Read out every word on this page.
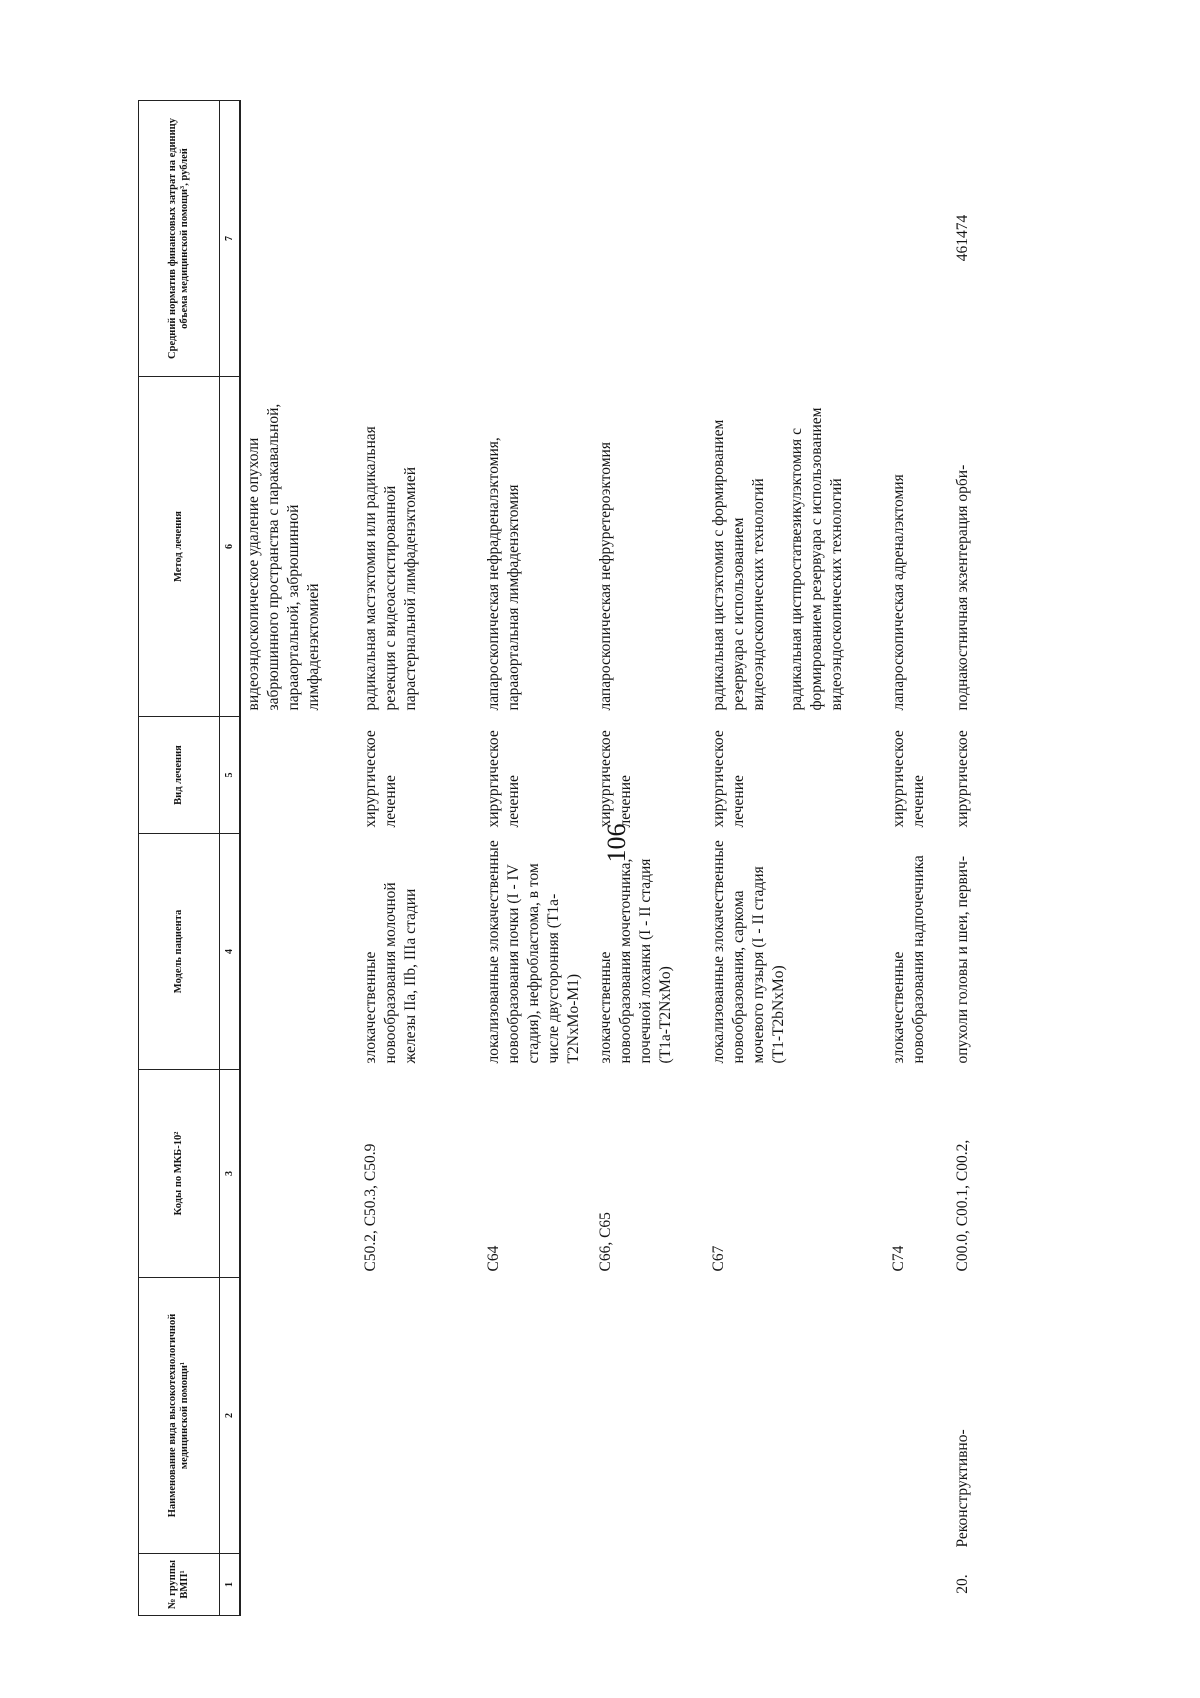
106
№ группы ВМП¹	Наименование вида высокотехнологичной медицинской помощи¹	Коды по МКБ-10²	Модель пациента	Вид лечения	Метод лечения	Средний норматив финансовых затрат на единицу объема медицинской помощи³, рублей
1	2	3	4	5	6	7
					видеоэндоскопическое удаление опухоли забрюшинного пространства с паракавальной, парааортальной, забрюшинной лимфаденэктомией	
		C50.2, C50.3, C50.9	злокачественные новообразования молочной железы IIa, IIb, IIIa стадии	хирургическое лечение	радикальная мастэктомия или радикальная резекция с видеоассистированной парастернальной лимфаденэктомией	
		C64	локализованные злокачественные новообразования почки (I - IV стадия), нефробластома, в том числе двусторонняя (T1a-T2NxMo-M1)	хирургическое лечение	лапароскопическая нефрадреналэктомия, парааортальная лимфаденэктомия	
		C66, C65	злокачественные новообразования мочеточника, почечной лоханки (I - II стадия (T1a-T2NxMo)	хирургическое лечение	лапароскопическая нефруретероэктомия	
		C67	локализованные злокачественные новообразования, саркома мочевого пузыря (I - II стадия (T1-T2bNxMo)	хирургическое лечение	радикальная цистэктомия с формированием резервуара с использованием видеоэндоскопических технологий радикальная цистпростатвезикулэктомия с формированием резервуара с использованием видеоэндоскопических технологий	

		C74	злокачественные новообразования надпочечника	хирургическое лечение	лапароскопическая адреналэктомия	
20.	Реконструктивно-	C00.0, C00.1, C00.2,	опухоли головы и шеи, первич-	хирургическое	поднакостничная экзентерация орби-	461474
